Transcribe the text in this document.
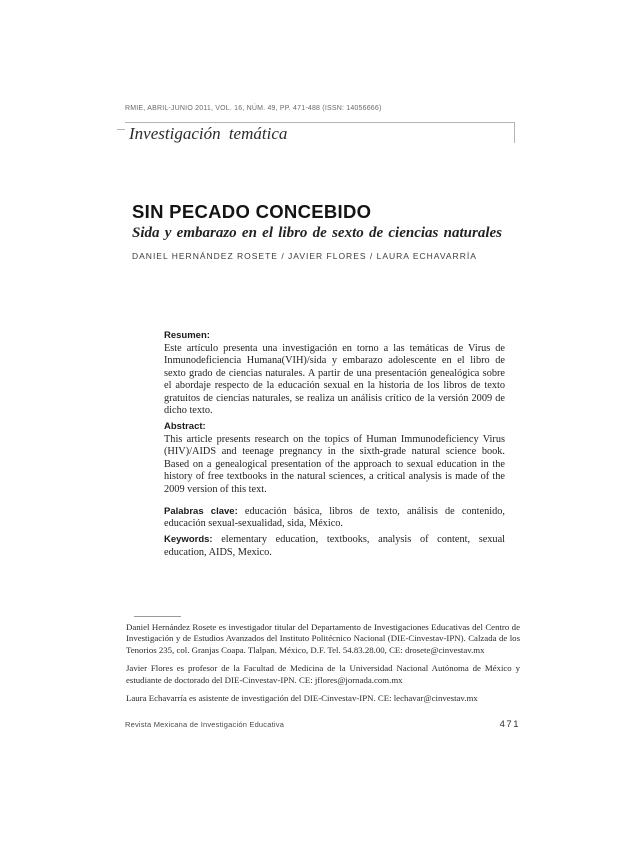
RMIE, ABRIL-JUNIO 2011, VOL. 16, NÚM. 49, PP. 471-488 (ISSN: 14056666)
Investigación temática
SIN PECADO CONCEBIDO
Sida y embarazo en el libro de sexto de ciencias naturales
DANIEL HERNÁNDEZ ROSETE / JAVIER FLORES / LAURA ECHAVARRÍA

Resumen:

Este artículo presenta una investigación en torno a las temáticas de Virus de Inmunodeficiencia Humana(VIH)/sida y embarazo adolescente en el libro de sexto grado de ciencias naturales. A partir de una presentación genealógica sobre el abordaje respecto de la educación sexual en la historia de los libros de texto gratuitos de ciencias naturales, se realiza un análisis crítico de la versión 2009 de dicho texto.

Abstract:

This article presents research on the topics of Human Immunodeficiency Virus (HIV)/AIDS and teenage pregnancy in the sixth-grade natural science book. Based on a genealogical presentation of the approach to sexual education in the history of free textbooks in the natural sciences, a critical analysis is made of the 2009 version of this text.

Palabras clave: educación básica, libros de texto, análisis de contenido, educación sexual-sexualidad, sida, México.

Keywords: elementary education, textbooks, analysis of content, sexual education, AIDS, Mexico.

Daniel Hernández Rosete es investigador titular del Departamento de Investigaciones Educativas del Centro de Investigación y de Estudios Avanzados del Instituto Politécnico Nacional (DIE-Cinvestav-IPN). Calzada de los Tenorios 235, col. Granjas Coapa. Tlalpan. México, D.F. Tel. 54.83.28.00, CE: drosete@cinvestav.mx

Javier Flores es profesor de la Facultad de Medicina de la Universidad Nacional Autónoma de México y estudiante de doctorado del DIE-Cinvestav-IPN. CE: jflores@jornada.com.mx

Laura Echavarría es asistente de investigación del DIE-Cinvestav-IPN. CE: lechavar@cinvestav.mx

Revista Mexicana de Investigación Educativa	471
